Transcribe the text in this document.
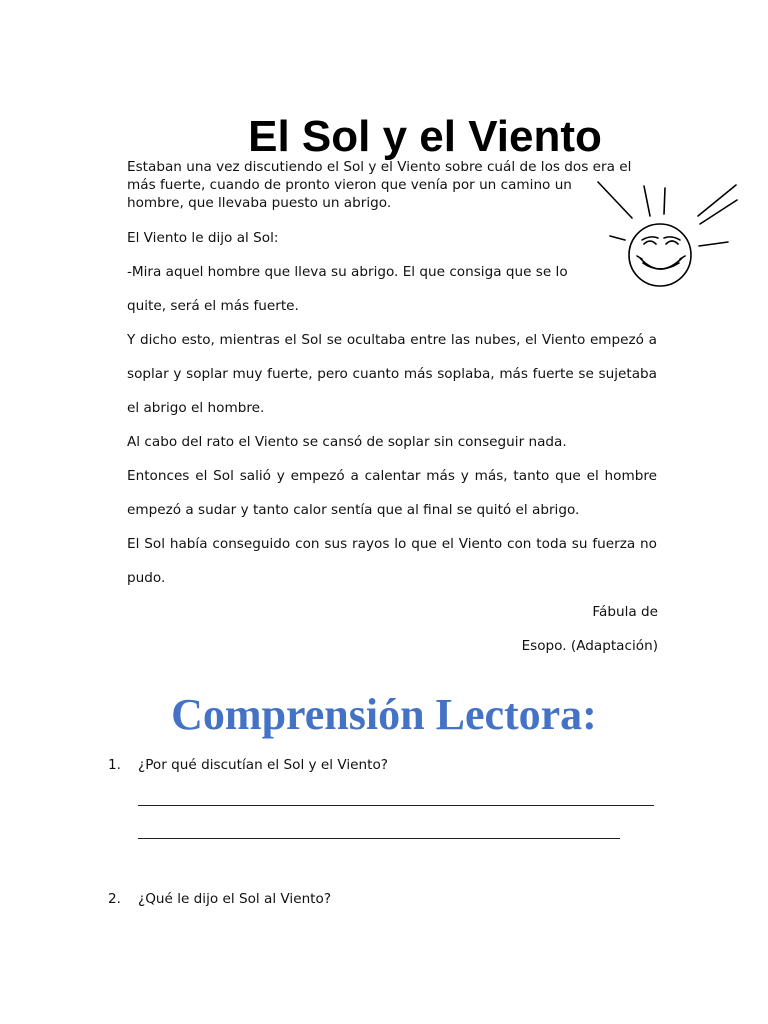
El Sol y el Viento
Estaban una vez discutiendo el Sol y el Viento sobre cuál de los dos era el
más fuerte, cuando de pronto vieron que venía por un camino un
hombre, que llevaba puesto un abrigo.
El Viento le dijo al Sol:
-Mira aquel hombre que lleva su abrigo. El que consiga que se lo
quite, será el más fuerte.
Y dicho esto, mientras el Sol se ocultaba entre las nubes, el Viento empezó a
soplar y soplar muy fuerte, pero cuanto más soplaba, más fuerte se sujetaba
el abrigo el hombre.
Al cabo del rato el Viento se cansó de soplar sin conseguir nada.
Entonces el Sol salió y empezó a calentar más y más, tanto que el hombre
empezó a sudar y tanto calor sentía que al final se quitó el abrigo.
El Sol había conseguido con sus rayos lo que el Viento con toda su fuerza no
pudo.
Fábula de
Esopo. (Adaptación)
Comprensión Lectora:
1. ¿Por qué discutían el Sol y el Viento?
2. ¿Qué le dijo el Sol al Viento?
